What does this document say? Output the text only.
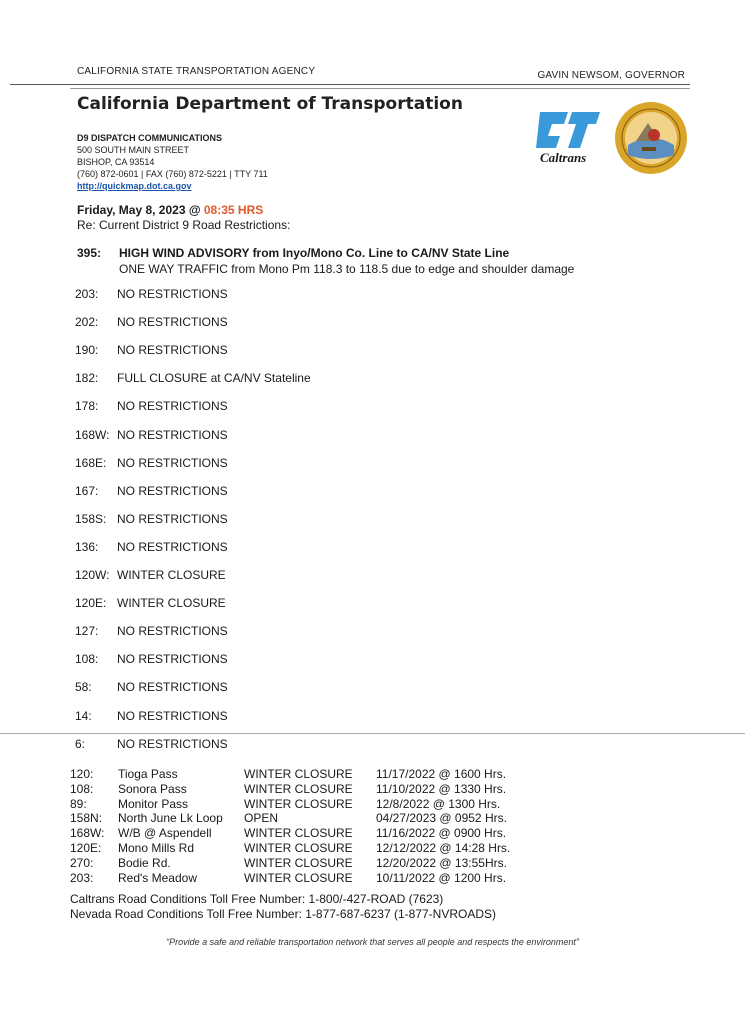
CALIFORNIA STATE TRANSPORTATION AGENCY	GAVIN NEWSOM, GOVERNOR
California Department of Transportation
D9 DISPATCH COMMUNICATIONS
500 SOUTH MAIN STREET
BISHOP, CA 93514
(760) 872-0601 | FAX (760) 872-5221 | TTY 711
http://quickmap.dot.ca.gov
Caltrans
Friday, May 8, 2023 @ 08:35 HRS
Re: Current District 9 Road Restrictions:
395: HIGH WIND ADVISORY from Inyo/Mono Co. Line to CA/NV State Line
ONE WAY TRAFFIC from Mono Pm 118.3 to 118.5 due to edge and shoulder damage
203: NO RESTRICTIONS
202: NO RESTRICTIONS
190: NO RESTRICTIONS
182: FULL CLOSURE at CA/NV Stateline
178: NO RESTRICTIONS
168W: NO RESTRICTIONS
168E: NO RESTRICTIONS
167: NO RESTRICTIONS
158S: NO RESTRICTIONS
136: NO RESTRICTIONS
120W: WINTER CLOSURE
120E: WINTER CLOSURE
127: NO RESTRICTIONS
108: NO RESTRICTIONS
58: NO RESTRICTIONS
14: NO RESTRICTIONS
6:	NO RESTRICTIONS
120: Tioga Pass	WINTER CLOSURE 11/17/2022 @ 1600 Hrs.
108: Sonora Pass	WINTER CLOSURE 11/10/2022 @ 1330 Hrs.
89:	Monitor Pass	WINTER CLOSURE 12/8/2022 @ 1300 Hrs.
158N: North June Lk Loop OPEN	04/27/2023 @ 0952 Hrs.
168W: W/B @ Aspendell	WINTER CLOSURE 11/16/2022 @ 0900 Hrs.
120E: Mono Mills Rd	WINTER CLOSURE 12/12/2022 @ 14:28 Hrs.
270: Bodie Rd.	WINTER CLOSURE 12/20/2022 @ 13:55Hrs.
203: Red's Meadow	WINTER CLOSURE 10/11/2022 @ 1200 Hrs.
Caltrans Road Conditions Toll Free Number: 1-800/-427-ROAD (7623)
Nevada Road Conditions Toll Free Number: 1-877-687-6237 (1-877-NVROADS)
“Provide a safe and reliable transportation network that serves all people and respects the environment”
